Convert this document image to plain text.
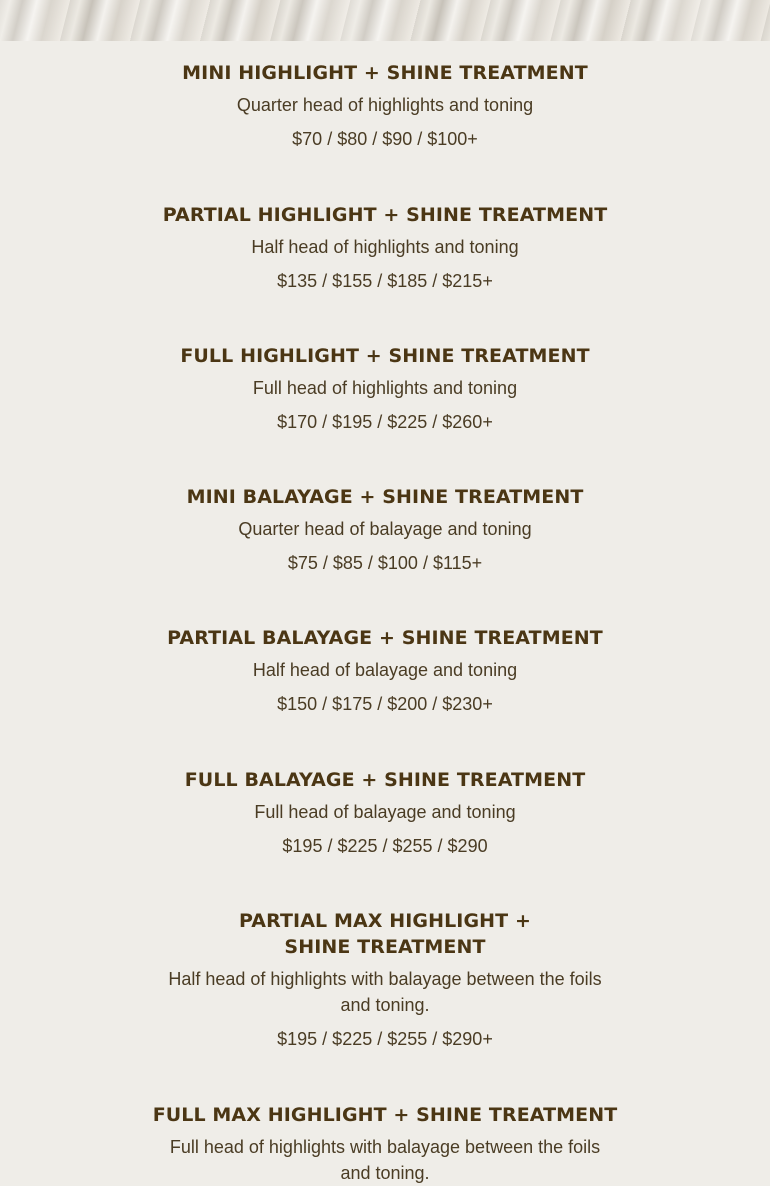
MINI HIGHLIGHT + SHINE TREATMENT
Quarter head of highlights and toning
$70 / $80 / $90 / $100+
PARTIAL HIGHLIGHT + SHINE TREATMENT
Half head of highlights and toning
$135 / $155 / $185 / $215+
FULL HIGHLIGHT + SHINE TREATMENT
Full head of highlights and toning
$170 / $195 / $225 / $260+
MINI BALAYAGE + SHINE TREATMENT
Quarter head of balayage and toning
$75 / $85 / $100 / $115+
PARTIAL BALAYAGE + SHINE TREATMENT
Half head of balayage and toning
$150 / $175 / $200 / $230+
FULL BALAYAGE + SHINE TREATMENT
Full head of balayage and toning
$195 / $225 / $255 / $290
PARTIAL MAX HIGHLIGHT + SHINE TREATMENT
Half head of highlights with balayage between the foils and toning.
$195 / $225 / $255 / $290+
FULL MAX HIGHLIGHT + SHINE TREATMENT
Full head of highlights with balayage between the foils and toning.
